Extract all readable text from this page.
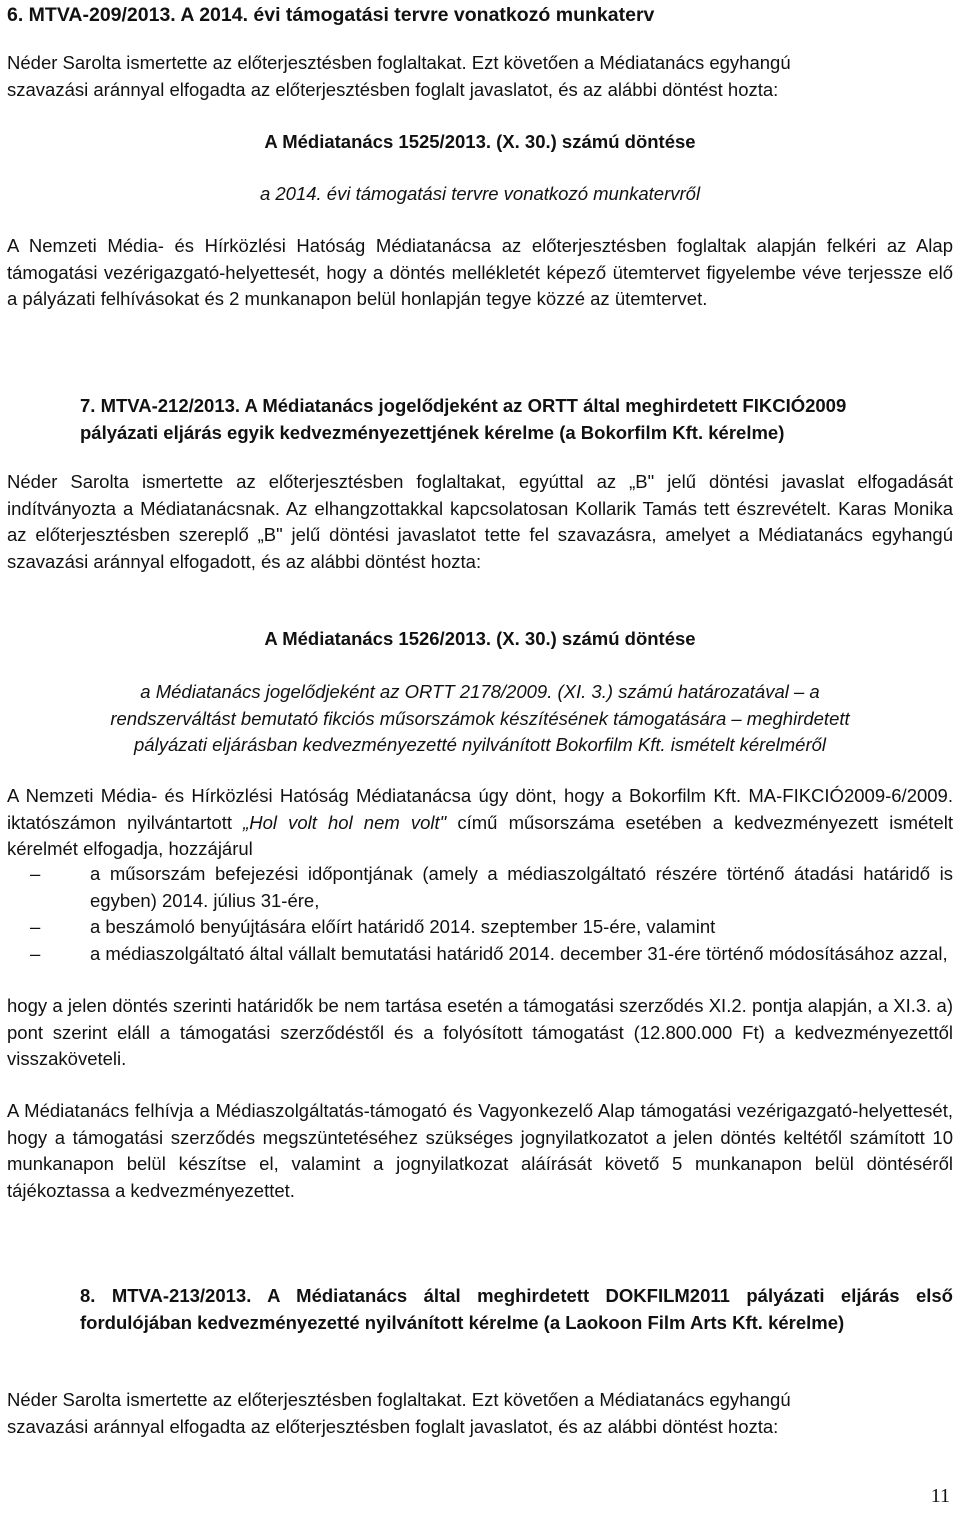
6. MTVA-209/2013. A 2014. évi támogatási tervre vonatkozó munkaterv
Néder Sarolta ismertette az előterjesztésben foglaltakat. Ezt követően a Médiatanács egyhangú
szavazási aránnyal elfogadta az előterjesztésben foglalt javaslatot, és az alábbi döntést hozta:
A Médiatanács 1525/2013. (X. 30.) számú döntése
a 2014. évi támogatási tervre vonatkozó munkatervről

A Nemzeti Média- és Hírközlési Hatóság Médiatanácsa az előterjesztésben foglaltak alapján felkéri az Alap támogatási vezérigazgató-helyettesét, hogy a döntés mellékletét képező ütemtervet figyelembe véve terjessze elő a pályázati felhívásokat és 2 munkanapon belül honlapján tegye közzé az ütemtervet.

7. MTVA-212/2013. A Médiatanács jogelődjeként az ORTT által meghirdetett FIKCIÓ2009
pályázati eljárás egyik kedvezményezettjének kérelme (a Bokorfilm Kft. kérelme)

Néder Sarolta ismertette az előterjesztésben foglaltakat, egyúttal az „B" jelű döntési javaslat elfogadását indítványozta a Médiatanácsnak. Az elhangzottakkal kapcsolatosan Kollarik Tamás tett észrevételt. Karas Monika az előterjesztésben szereplő „B" jelű döntési javaslatot tette fel szavazásra, amelyet a Médiatanács egyhangú szavazási aránnyal elfogadott, és az alábbi döntést hozta:

A Médiatanács 1526/2013. (X. 30.) számú döntése
a Médiatanács jogelődjeként az ORTT 2178/2009. (XI. 3.) számú határozatával – a
rendszerváltást bemutató fikciós műsorszámok készítésének támogatására – meghirdetett
pályázati eljárásban kedvezményezetté nyilvánított Bokorfilm Kft. ismételt kérelméről

A Nemzeti Média- és Hírközlési Hatóság Médiatanácsa úgy dönt, hogy a Bokorfilm Kft. MA-FIKCIÓ2009-6/2009. iktatószámon nyilvántartott „Hol volt hol nem volt" című műsorszáma esetében a kedvezményezett ismételt kérelmét elfogadja, hozzájárul

–	a műsorszám befejezési időpontjának (amely a médiaszolgáltató részére történő átadási határidő is egyben) 2014. július 31-ére,
–	a beszámoló benyújtására előírt határidő 2014. szeptember 15-ére, valamint
–	a médiaszolgáltató által vállalt bemutatási határidő 2014. december 31-ére történő módosításához azzal,

hogy a jelen döntés szerinti határidők be nem tartása esetén a támogatási szerződés XI.2. pontja alapján, a XI.3. a) pont szerint eláll a támogatási szerződéstől és a folyósított támogatást (12.800.000 Ft) a kedvezményezettől visszaköveteli.

A Médiatanács felhívja a Médiaszolgáltatás-támogató és Vagyonkezelő Alap támogatási vezérigazgató-helyettesét, hogy a támogatási szerződés megszüntetéséhez szükséges jognyilatkozatot a jelen döntés keltétől számított 10 munkanapon belül készítse el, valamint a jognyilatkozat aláírását követő 5 munkanapon belül döntéséről tájékoztassa a kedvezményezettet.

8. MTVA-213/2013. A Médiatanács által meghirdetett DOKFILM2011 pályázati eljárás első fordulójában kedvezményezetté nyilvánított kérelme (a Laokoon Film Arts Kft. kérelme)

Néder Sarolta ismertette az előterjesztésben foglaltakat. Ezt követően a Médiatanács egyhangú
szavazási aránnyal elfogadta az előterjesztésben foglalt javaslatot, és az alábbi döntést hozta:
11
